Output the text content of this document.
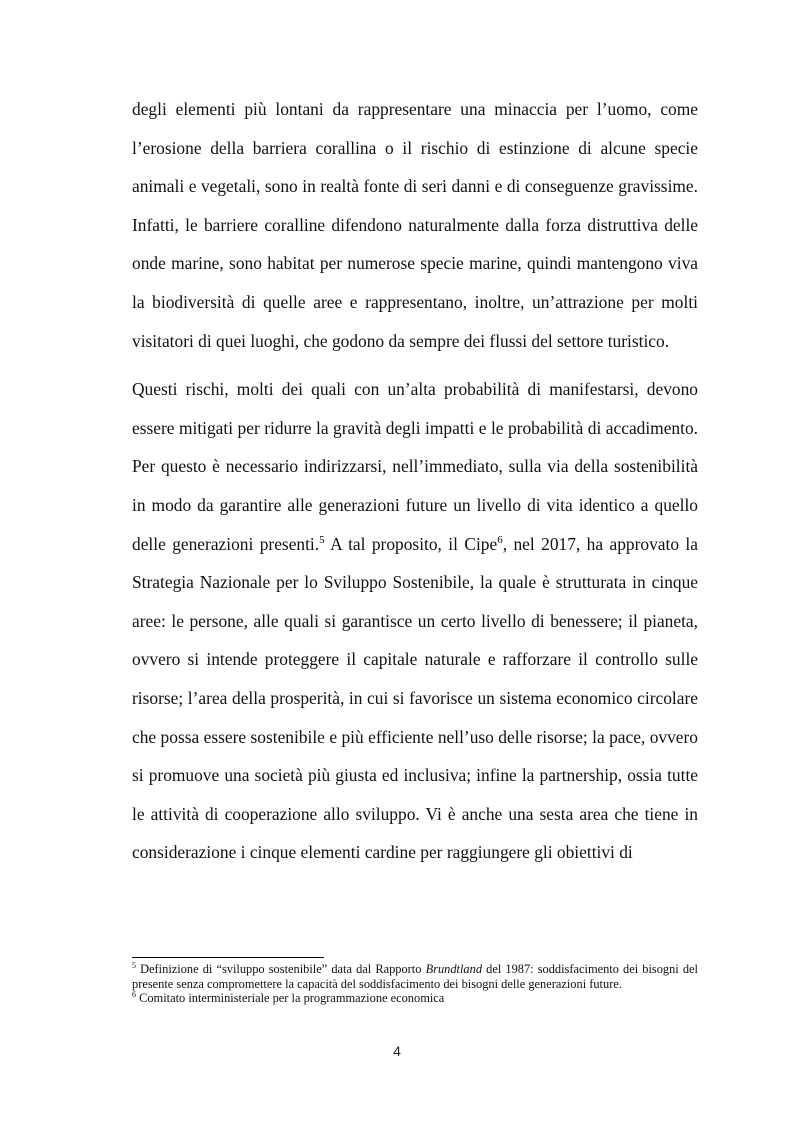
degli elementi più lontani da rappresentare una minaccia per l’uomo, come l’erosione della barriera corallina o il rischio di estinzione di alcune specie animali e vegetali, sono in realtà fonte di seri danni e di conseguenze gravissime. Infatti, le barriere coralline difendono naturalmente dalla forza distruttiva delle onde marine, sono habitat per numerose specie marine, quindi mantengono viva la biodiversità di quelle aree e rappresentano, inoltre, un’attrazione per molti visitatori di quei luoghi, che godono da sempre dei flussi del settore turistico.

Questi rischi, molti dei quali con un’alta probabilità di manifestarsi, devono essere mitigati per ridurre la gravità degli impatti e le probabilità di accadimento. Per questo è necessario indirizzarsi, nell’immediato, sulla via della sostenibilità in modo da garantire alle generazioni future un livello di vita identico a quello delle generazioni presenti.$^5$ A tal proposito, il Cipe$^6$, nel 2017, ha approvato la Strategia Nazionale per lo Sviluppo Sostenibile, la quale è strutturata in cinque aree: le persone, alle quali si garantisce un certo livello di benessere; il pianeta, ovvero si intende proteggere il capitale naturale e rafforzare il controllo sulle risorse; l’area della prosperità, in cui si favorisce un sistema economico circolare che possa essere sostenibile e più efficiente nell’uso delle risorse; la pace, ovvero si promuove una società più giusta ed inclusiva; infine la partnership, ossia tutte le attività di cooperazione allo sviluppo. Vi è anche una sesta area che tiene in considerazione i cinque elementi cardine per raggiungere gli obiettivi di

$^5$ Definizione di “sviluppo sostenibile” data dal Rapporto Brundtland del 1987: soddisfacimento dei bisogni del presente senza compromettere la capacità del soddisfacimento dei bisogni delle generazioni future.

$^6$ Comitato interministeriale per la programmazione economica

4
